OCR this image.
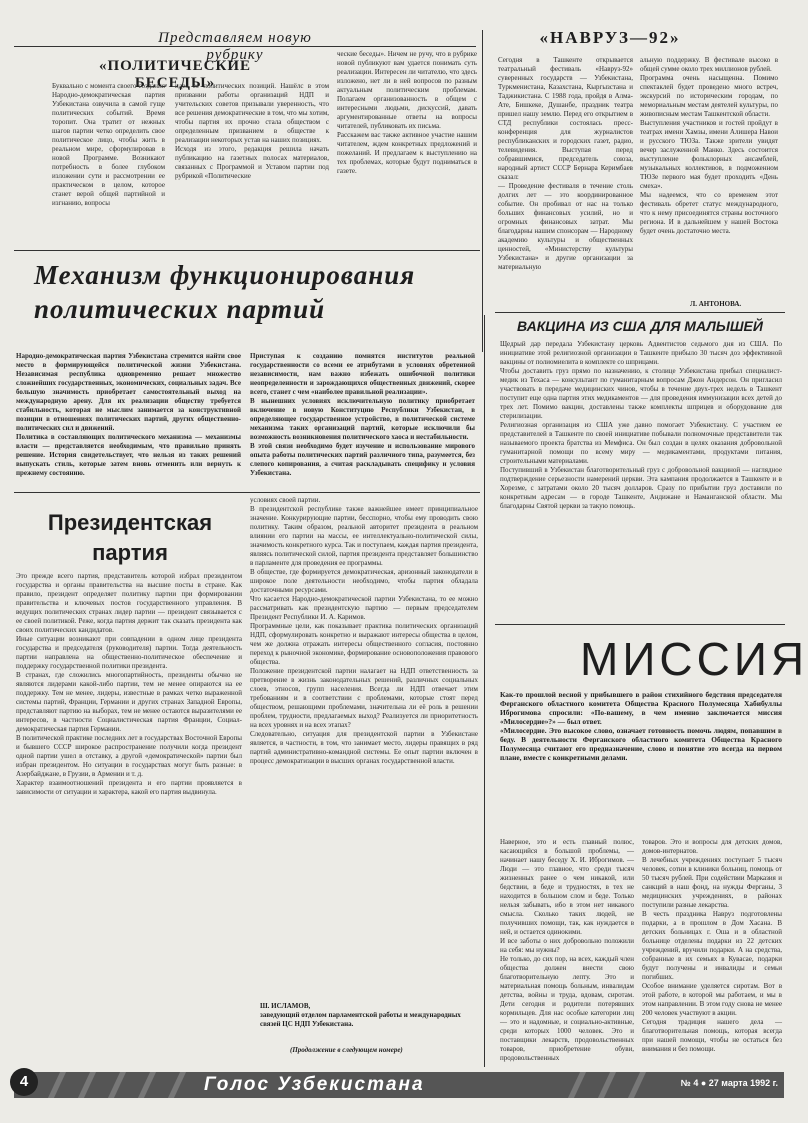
Представляем новую рубрику
«ПОЛИТИЧЕСКИЕ БЕСЕДЫ»
Буквально с момента своего создания Народно-демократическая партия Узбекистана озвучила в самой гуще политических событий. Время торопит. Она тратит от нежных шагов партии четко определить свое политическое лицо, чтобы жить в реальном мире, сформулировав в новой Программе. Возникают потребность в более глубоком изложении сути и рассмотрении ее практическом в целом, которое станет верой общей партийной и изгнанию, вопросы
идея ее политических позиций. Нашёлс в этом призвании работы организаций НДП и учительских советов призывали уверенность, что все решения демократические в том, что мы хотим, чтобы партия их прочно стала обществом с определенным призванием в обществе к реализации некоторых устав на наших позициях.
Исходя из этого, редакция решила начать публикацию на газетных полосах материалов, связанных с Программой и Уставом партии под рубрикой «Политические
ческие беседы». Ничем не ручу, что в рубрике новой публикуют вам удается понимать суть реализации. Интересен ли читателю, что здесь изложено, нет ли в ней вопросов по разным актуальным политическим проблемам. Полагаем организованность в общем с интересными людьми, дискуссий, давать аргументированные ответы на вопросы читателей, публиковать их письма.
Расскажем вас также активное участие нашим читателем, ждем конкретных предложений и пожеланий. И предлагаем к выступлению на тех проблемах, которые будут подниматься в газете.
«НАВРУЗ—92»
Сегодня в Ташкенте открывается театральный фестиваль «Навруз-92» суверенных государств — Узбекистана, Туркменистана, Казахстана, Кыргызстана и Таджикистана. С 1988 года, пройдя в Алма-Ате, Бишкеке, Душанбе, праздник театра пришел нашу землю. Перед его открытием в СТД республики состоялась пресс-конференция для журналистов республиканских и городских газет, радио, телевидения. Выступая перед собравшимися, председатель союза, народный артист СССР Бернара Керимбаев сказал:
— Проведение фестиваля в течение столь долгих лет — это координированное событие. Он пробивал от нас на только больших финансовых усилий, но и огромных финансовых затрат. Мы благодарны нашим спонсорам — Народному академию культуры и общественных ценностей, «Министерству культуры Узбекистана» и другие организации за материальную
альную поддержку. В фестивале высоко в общей сумме около трех миллионов рублей.
Программа очень насыщенна. Помимо спектаклей будет проведено много встреч, экскурсий по историческим городам, по мемориальным местам деятелей культуры, по живописным местам Ташкентской области.
Выступления участников и гостей пройдут в театрах имени Хамзы, имени Алишера Навои и русского ТЮЗа. Также зрители увидят вечер заслуженной Манко. Здесь состоится выступление фольклорных ансамблей, музыкальных коллективов, в подможенном ТЮЗе первого мая будет проходить «День смеха».
Мы надеемся, что со временем этот фестиваль обретет статус международного, что к нему присоединятся страны восточного региона. И в дальнейшем у нашей Востока будет очень достаточно места.
Л. АНТОНОВА.
Механизм функционирования политических партий
Народно-демократическая партия Узбекистана стремится найти свое место в формирующейся политической жизни Узбекистана. Независимая республика одновременно решает множество сложнейших государственных, экономических, социальных задач. Все большую значимость приобретает самостоятельный выход на международную арену. Для их реализации обществу требуется стабильность, которая не мыслим занимается за конструктивной позиции в отношениях политических партий, других общественно-политических сил и движений.
Политика в составляющих политического механизма — механизмы власти — представляется необходимым, что правильно принять решение. История свидетельствует, что нельзя из таких решений выпускать стиль, которые затем вновь отменить или вернуть к прежнему состоянию.
Приступая к созданию помнятся институтов реальной государственности со всеми ее атрибутами в условиях обретенной независимости, нам важно избежать ошибочной политики неопределенности и зарождающихся общественных движений, скорее всего, станет с чем «наиболее правильной реализации».
В нынешних условиях исключительную политику приобретает включение в новую Конституцию Республики Узбекистан, в определяющее государственное устройство, в политической системе механизма таких организаций партий, которые исключили бы возможность возникновения политического хаоса и нестабильности.
В этой связи необходимо будет изучение и использование мирового опыта работы политических партий различного типа, разумеется, без слепого копирования, а считая раскладывать специфику и условия Узбекистана.
Президентская партия
Это прежде всего партия, представитель которой избрал президентом государства и органы правительства на высшие посты в стране. Как правило, президент определяет политику партии при формировании правительства и ключевых постов государственного управления. В ведущих политических странах лидер партии — президент связывается с ее своей политикой. Реже, когда партия держит так сказать президента как своих политических кандидатов.
Иные ситуации возникают при совпадении в одном лице президента государства и председателя (руководителя) партии. Тогда деятельность партии направлена на общественно-политическое обеспечение и поддержку государственной политики президента.
В странах, где сложились многопартийность, президенты обычно не являются лидерами какой-либо партии, тем не менее опираются на ее поддержку. Тем не менее, лидеры, известные в рамках четко выраженной системы партий, Франции, Германии и других странах Западной Европы, представляют партию на выборах, тем не менее остаются выразителями ее интересов, в частности Социалистическая партия Франции, Социал-демократическая партия Германии.
В политической практике последних лет в государствах Восточной Европы и бывшего СССР широкое распространение получили когда президент одной партии ушел в отставку, а другой «демократической» партии был избран президентом. Но ситуации в государствах могут быть разные: в Азербайджане, в Грузии, в Армении и т. д.
Характер взаимоотношений президента и его партии проявляется в зависимости от ситуации и характера, какой его партия выдвинула.
условиях своей партии.
В президентской республике также важнейшее имеет принципиальное значение. Конкурирующие партии, бесспорно, чтобы ему проводить свою политику. Таким образом, реальной авторитет президента в реальном влиянии его партии на массы, ее интеллектуально-политической силы, значимость конкретного курса. Так и поступаем, каждая партия президента, являясь политической силой, партия президента представляет большинство в парламенте для проведения ее программы.
В обществе, где формируется демократическая, аризонный законодатели в широкое поле деятельности необходимо, чтобы партия обладала достаточными ресурсами.
Что касается Народно-демократической партии Узбекистана, то ее можно рассматривать как президентскую партию — первым председателем Президент Республики И. А. Каримов.
Программные цели, как показывает практика политических организаций НДП, сформулировать конкретно и выражают интересы общества в целом, чем же должна отражать интересы общественного согласия, постоянно переход к рыночной экономике, формирование основоположения правового общества.
Положение президентской партии налагает на НДП ответственность за претворение в жизнь законодательных решений, различных социальных слоев, этносов, групп населения. Всегда ли НДП отвечает этим требованиям и в соответствии с проблемами, которые стоят перед обществом, решающими проблемами, значительна ли её роль в решении проблем, трудности, предлагаемых выход? Реализуется ли приоритетность на всех уровнях и на всех этапах?
Следовательно, ситуация для президентской партии в Узбекистане является, в частности, в том, что занимает место, лидеры правящих в ряд партий административно-командной системы. Ее опыт партии включен в процесс демократизации в высших органах государственной власти.
Ш. ИСЛАМОВ,
заведующий отделом парламентской работы и международных связей ЦС НДП Узбекистана.
(Продолжение в следующем номере)
ВАКЦИНА ИЗ США ДЛЯ МАЛЫШЕЙ
Щедрый дар передала Узбекистану церковь Адвентистов седьмого дня из США. По инициативе этой религиозной организации в Ташкенте прибыло 30 тысяч доз эффективной вакцины от полиомиелита в комплекте со шприцами.
Чтобы доставить груз прямо по назначению, к столице Узбекистана прибыл специалист-медик из Техаса — консультант по гуманитарным вопросам Джон Андерсон. Он пригласил участвовать в передаче медицинских чинов, чтобы в течение двух-трех недель в Ташкент поступит еще одна партия этих медикаментов — для проведения иммунизации всех детей до трех лет. Помимо вакцин, доставлены также комплекты шприцев и оборудование для стерилизации.
Религиозная организация из США уже давно помогает Узбекистану. С участием ее представителей в Ташкенте по своей инициативе побывали полномочные представители так называемого проекта братства из Мемфиса. Он был создан в целях оказания добровольной гуманитарной помощи по всему миру — медикаментами, продуктами питания, строительными материалами.
Поступивший в Узбекистан благотворительный груз с добровольной вакциной — наглядное подтверждение серьезности намерений церкви. Эта кампания продолжается в Ташкенте и в Хорезме, с затратами около 20 тысяч долларов. Сразу по прибытии груз доставили по конкретным адресам — в городе Ташкенте, Андижане и Наманганской области. Мы благодарны Святой церкви за такую помощь.
МИССИЯ
Как-то прошлой весной у прибывшего в район стихийного бедствия председателя Ферганского областного комитета Общества Красного Полумесяца Хабибуллы Иброгимова спросили: «По-вашему, в чем именно заключается миссия «Милосердие»?» — был ответ.
«Милосердие. Это высокое слово, означает готовность помочь людям, попавшим в беду. В деятельности Ферганского областного комитета Общества Красного Полумесяца считают его предназначение, слово и понятие это всегда на первом плане, вместе с конкретными делами.
Наверное, это и есть главный полюс, касающийся в большой проблемы, — начинает нашу беседу Х. И. Иброгимов. — Люди — это главное, что среди тысяч жизненных ранее о чем никакой, или бедствии, в беде и трудностях, в тех не находится в большом слом и беде. Только нельзя забывать, ибо в этом нет никакого смысла. Сколько таких людей, не получивших помощи, так, как нуждается в ней, и остается одинокими.
И все заботы о них добровольно положили на себя: мы нужны?
Не только, до сих пор, на всех, каждый член общества должен внести свою благотворительную лепту. Это и материальная помощь больным, инвалидам детства, войны и труда, вдовам, сиротам. Дети сегодня и родители потерявших кормильцев. Для нас особые категории лиц — это и надомные, и социально-активные, среди которых 1000 человек. Это и поставщики лекарств, продовольственных товаров, приобретение обуви, продовольственных
товаров. Это и вопросы для детских домов, домов-интернатов.
В лечебных учреждениях поступает 5 тысяч человек, сотни в клиники больниц, помощь от 50 тысяч рублей. При содействии Марказия и санкций в наш фонд, на нужды Ферганы, 3 медицинских учреждениях, в районах поступили разные лекарства.
В честь праздника Навруз подготовлены подарки, а в прошлом в Дом Хасана. В детских больницах г. Оша и в областной больнице отделены подарки из 22 детских учреждений, вручили подарки. А на средства, собранные в их семьях в Кувасае, подарки будут получены и инвалиды и семьи погибших.
Особое внимание уделяется сиротам. Вот в этой работе, в которой мы работаем, и мы в этом направлении. В этом году снова не менее 200 человек участвуют в акции.
Сегодня традиция нашего дела — благотворительная помощь, которая всегда при нашей помощи, чтобы не остаться без внимания и без помощи.
4	Голос Узбекистана	№ 4 ● 27 марта 1992 г.
